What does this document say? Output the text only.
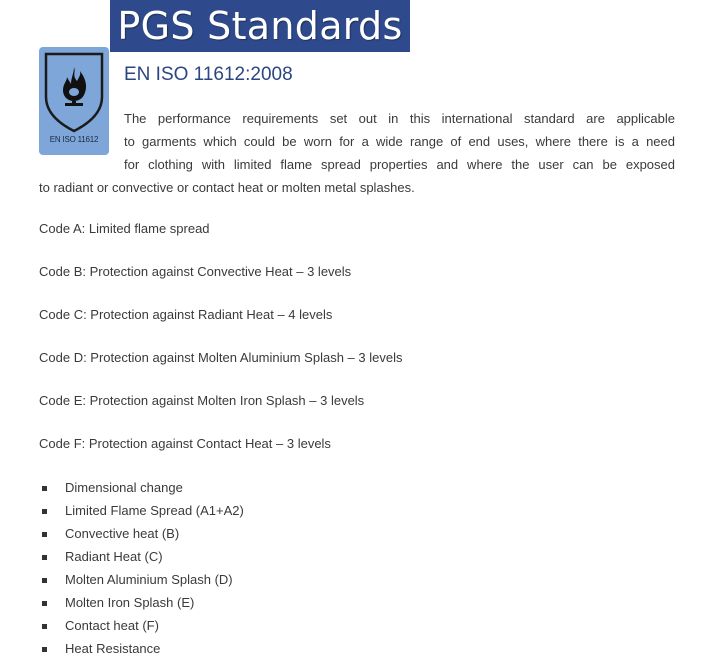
PGS Standards
EN ISO 11612
EN ISO 11612:2008
The performance requirements set out in this international standard are applicable
to garments which could be worn for a wide range of end uses, where there is a need
for clothing with limited flame spread properties and where the user can be exposed
to radiant or convective or contact heat or molten metal splashes.
Code A: Limited flame spread
Code B: Protection against Convective Heat – 3 levels
Code C: Protection against Radiant Heat – 4 levels
Code D: Protection against Molten Aluminium Splash – 3 levels
Code E: Protection against Molten Iron Splash – 3 levels
Code F: Protection against Contact Heat – 3 levels
Dimensional change
Limited Flame Spread (A1+A2)
Convective heat (B)
Radiant Heat (C)
Molten Aluminium Splash (D)
Molten Iron Splash (E)
Contact heat (F)
Heat Resistance
